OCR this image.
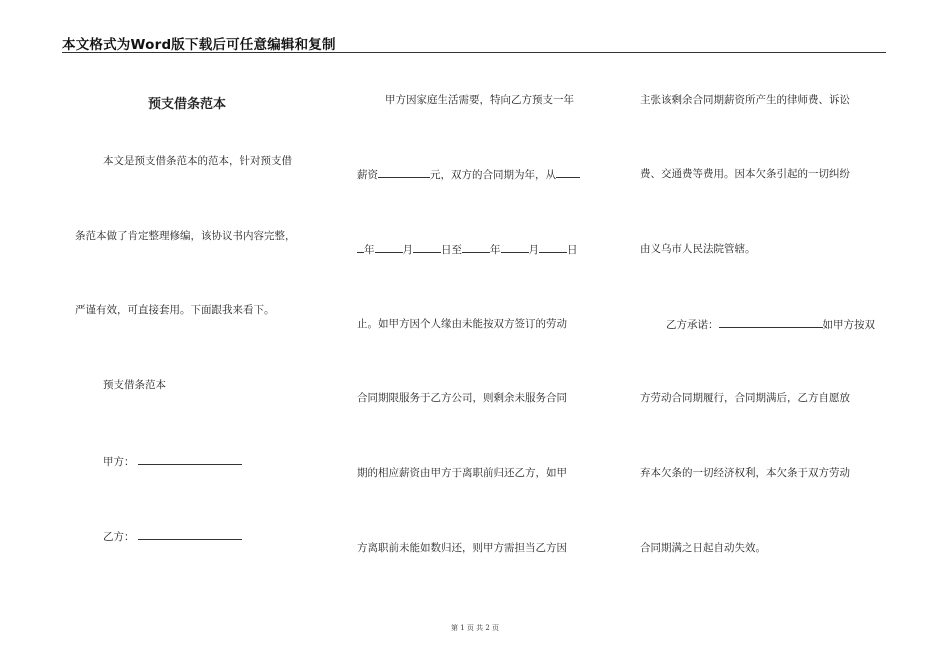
本文格式为Word版下载后可任意编辑和复制
预支借条范本
本文是预支借条范本的范本，针对预支借
条范本做了肯定整理修编，该协议书内容完整，
严谨有效，可直接套用。下面跟我来看下。
预支借条范本
甲方：
乙方：
甲方因家庭生活需要，特向乙方预支一年
薪资	元，双方的合同期为年，从
年	月	日至	年	月	日
止。如甲方因个人缘由未能按双方签订的劳动
合同期限服务于乙方公司，则剩余未服务合同
期的相应薪资由甲方于离职前归还乙方，如甲
方离职前未能如数归还，则甲方需担当乙方因
主张该剩余合同期薪资所产生的律师费、诉讼
费、交通费等费用。因本欠条引起的一切纠纷
由义乌市人民法院管辖。
乙方承诺：	如甲方按双
方劳动合同期履行，合同期满后，乙方自愿放
弃本欠条的一切经济权利，本欠条于双方劳动
合同期满之日起自动失效。
第 1 页 共 2 页
